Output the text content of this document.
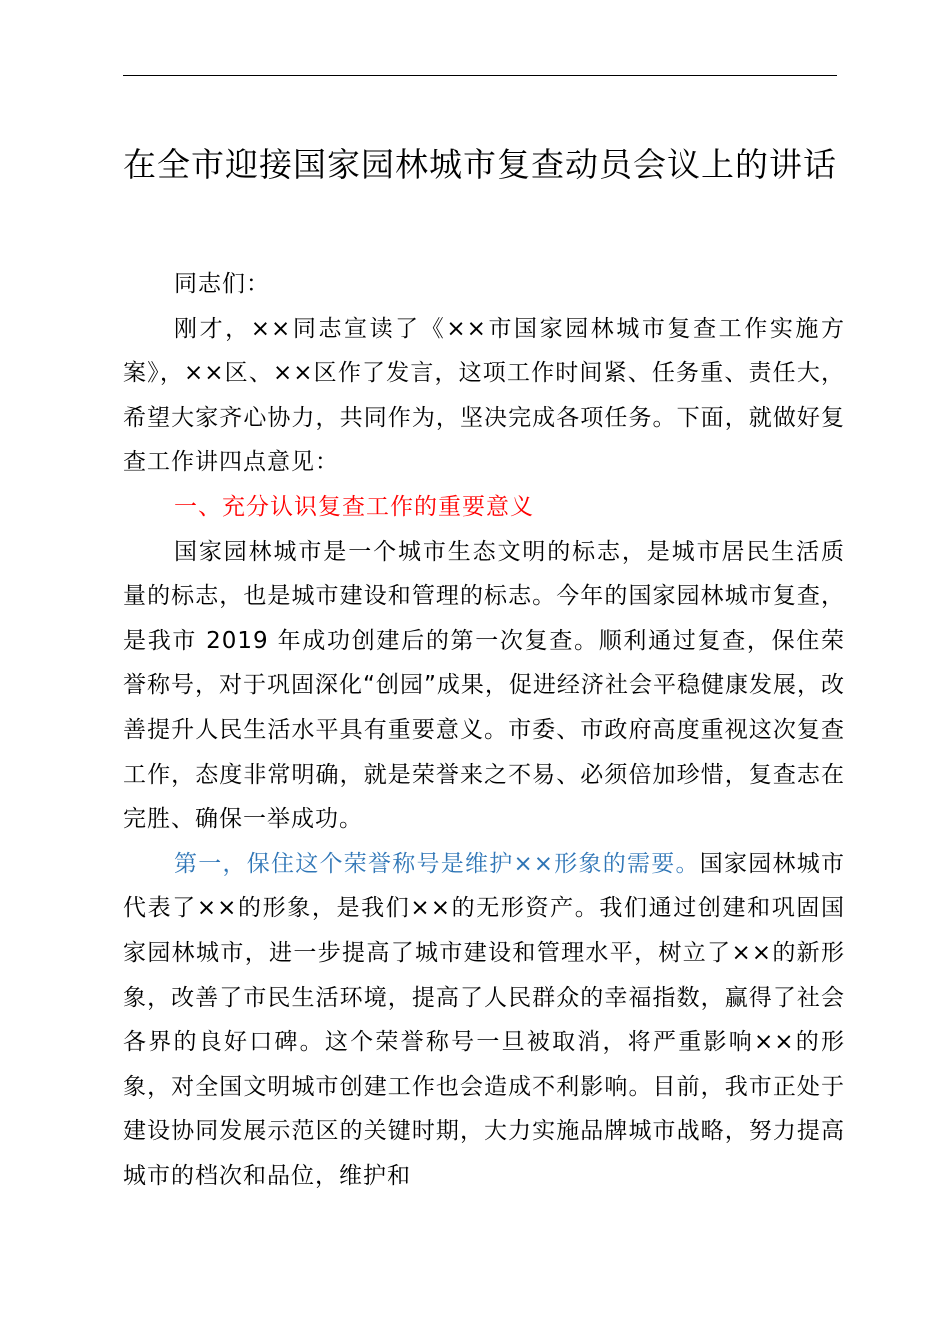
在全市迎接国家园林城市复查动员会议上的讲话

同志们：

刚才，××同志宣读了《××市国家园林城市复查工作实施方案》，××区、××区作了发言，这项工作时间紧、任务重、责任大，希望大家齐心协力，共同作为，坚决完成各项任务。下面，就做好复查工作讲四点意见：

一、充分认识复查工作的重要意义

国家园林城市是一个城市生态文明的标志，是城市居民生活质量的标志，也是城市建设和管理的标志。今年的国家园林城市复查，是我市 2019 年成功创建后的第一次复查。顺利通过复查，保住荣誉称号，对于巩固深化“创园”成果，促进经济社会平稳健康发展，改善提升人民生活水平具有重要意义。市委、市政府高度重视这次复查工作，态度非常明确，就是荣誉来之不易、必须倍加珍惜，复查志在完胜、确保一举成功。

第一，保住这个荣誉称号是维护××形象的需要。国家园林城市代表了××的形象，是我们××的无形资产。我们通过创建和巩固国家园林城市，进一步提高了城市建设和管理水平，树立了××的新形象，改善了市民生活环境，提高了人民群众的幸福指数，赢得了社会各界的良好口碑。这个荣誉称号一旦被取消，将严重影响××的形象，对全国文明城市创建工作也会造成不利影响。目前，我市正处于建设协同发展示范区的关键时期，大力实施品牌城市战略，努力提高城市的档次和品位，维护和
